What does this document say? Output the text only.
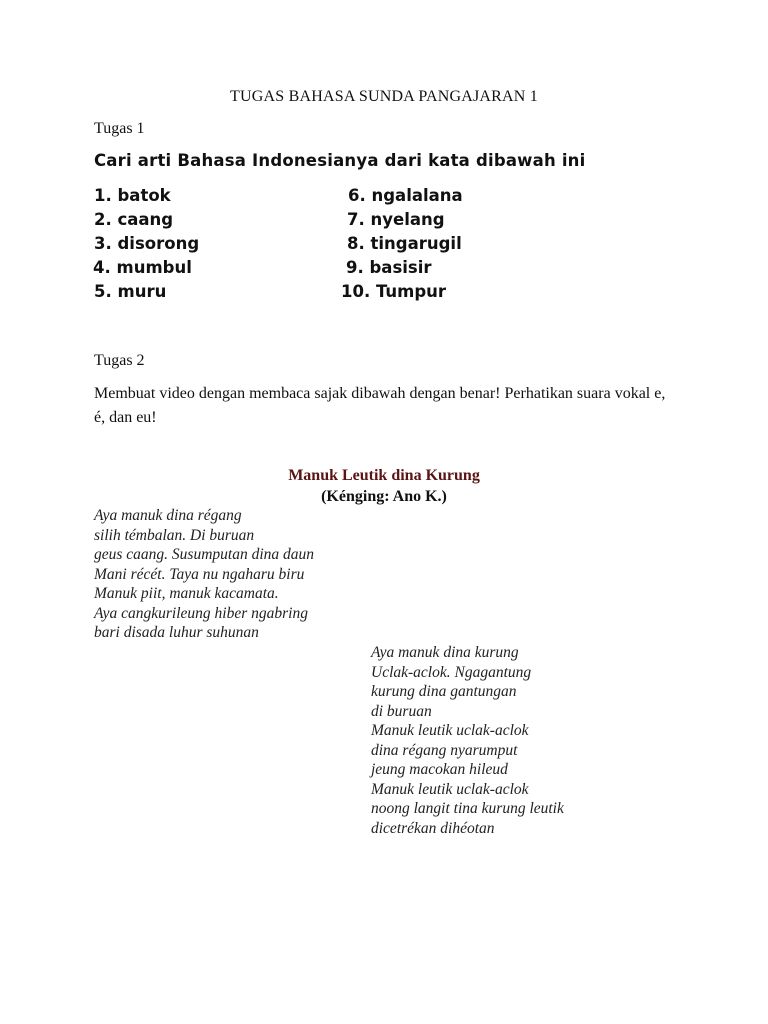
TUGAS BAHASA SUNDA PANGAJARAN 1
Tugas 1
Cari arti Bahasa Indonesianya dari kata dibawah ini
1. batok
2. caang
3. disorong
4. mumbul
5. muru
6. ngalalana
7. nyelang
8. tingarugil
9. basisir
10. Tumpur
Tugas 2
Membuat video dengan membaca sajak dibawah dengan benar! Perhatikan suara vokal e, é, dan eu!
Manuk Leutik dina Kurung
(Kénging: Ano K.)
Aya manuk dina régang
silih témbalan. Di buruan
geus caang. Susumputan dina daun
Mani récét. Taya nu ngaharu biru
Manuk piit, manuk kacamata.
Aya cangkurileung hiber ngabring
bari disada luhur suhunan
Aya manuk dina kurung
Uclak-aclok. Ngagantung
kurung dina gantungan
di buruan
Manuk leutik uclak-aclok
dina régang nyarumput
jeung macokan hileud
Manuk leutik uclak-aclok
noong langit tina kurung leutik
dicetrékan dihéotan
